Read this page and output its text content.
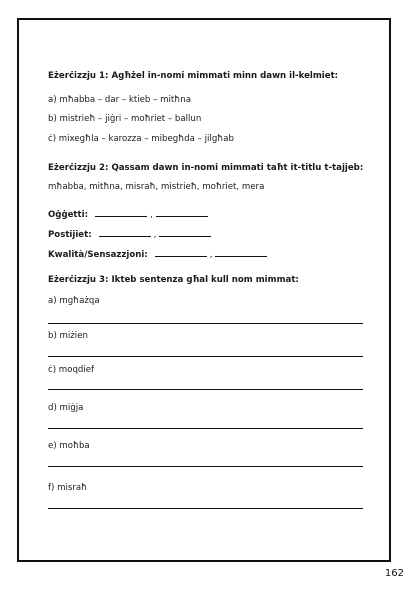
Eżerċizzju 1: Agħżel in-nomi mimmati minn dawn il-kelmiet:

a) mħabba – dar – ktieb – mitħna

b) mistrieħ – jiġri – moħriet – ballun

ċ) mixegħla – karozza – mibegħda – jilgħab

Eżerċizzju 2: Qassam dawn in-nomi mimmati taħt it-titlu t-tajjeb:

mħabba, mitħna, misraħ, mistrieħ, moħriet, mera

Oġġetti:	,
Postijiet:	,
Kwalità/Sensazzjoni:	,

Eżerċizzju 3: Ikteb sentenza għal kull nom mimmat:

a) mgħażqa

b) miżien

ċ) moqdief

d) miġja

e) moħba

f) misraħ

162
